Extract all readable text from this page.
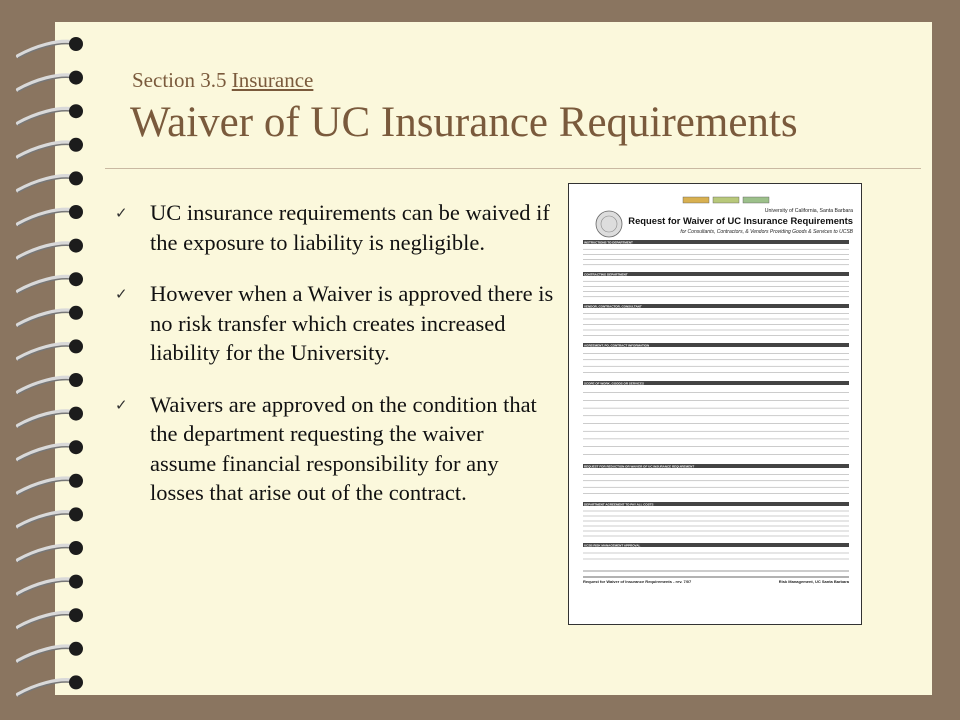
Section 3.5 Insurance
Waiver of UC Insurance Requirements
✓ UC insurance requirements can be waived if the exposure to liability is negligible.
✓ However when a Waiver is approved there is no risk transfer which creates increased liability for the University.
✓ Waivers are approved on the condition that the department requesting the waiver assume financial responsibility for any losses that arise out of the contract.
University of California, Santa Barbara
Request for Waiver of UC Insurance Requirements
for Consultants, Contractors, & Vendors Providing Goods & Services to UCSB
INSTRUCTIONS TO DEPARTMENT
CONTRACTING DEPARTMENT
VENDOR, CONTRACTOR, CONSULTANT
AGREEMENT, PO, CONTRACT INFORMATION
SCOPE OF WORK, GOODS OR SERVICES
REQUEST FOR REDUCTION OR WAIVER OF UC INSURANCE REQUIREMENT
DEPARTMENT AGREEMENT TO PAY ALL COSTS
UCSB RISK MANAGEMENT APPROVAL
Request for Waiver of Insurance Requirements - rev. 7/07	Risk Management, UC Santa Barbara
